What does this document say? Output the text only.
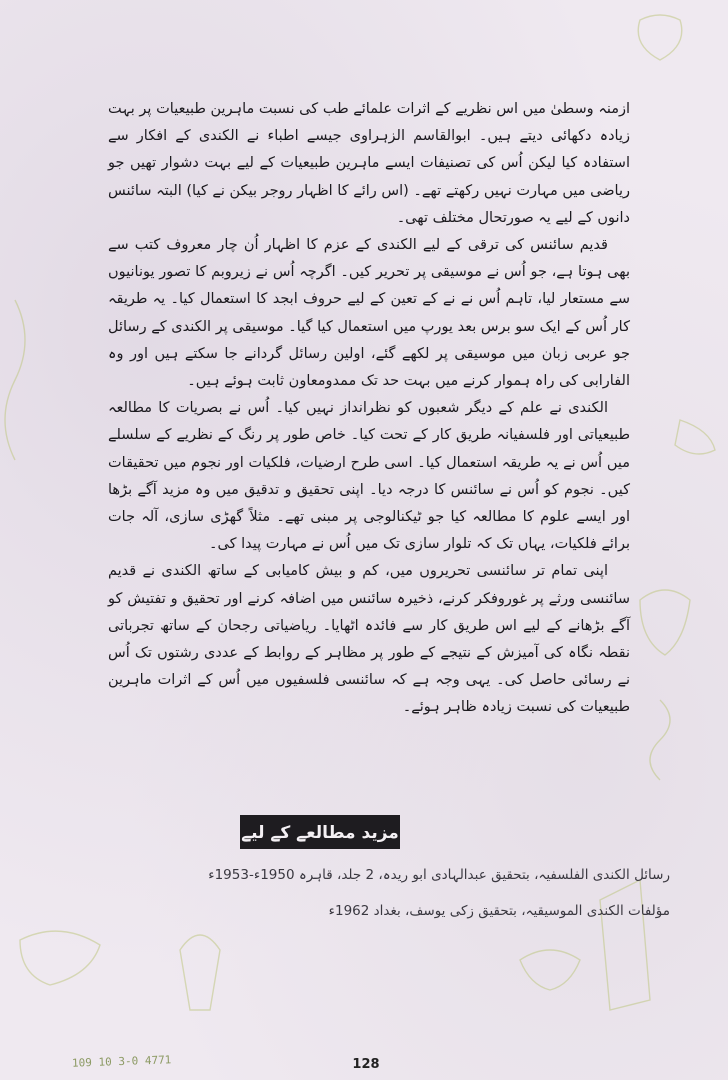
ازمنہ وسطیٰ میں اس نظریے کے اثرات علمائے طب کی نسبت ماہرین طبیعیات پر بہت زیادہ دکھائی دیتے ہیں۔ ابوالقاسم الزہراوی جیسے اطباء نے الکندی کے افکار سے استفادہ کیا لیکن اُس کی تصنیفات ایسے ماہرین طبیعیات کے لیے بہت دشوار تھیں جو ریاضی میں مہارت نہیں رکھتے تھے۔ (اس رائے کا اظہار روجر بیکن نے کیا) البتہ سائنس دانوں کے لیے یہ صورتحال مختلف تھی۔

قدیم سائنس کی ترقی کے لیے الکندی کے عزم کا اظہار اُن چار معروف کتب سے بھی ہوتا ہے، جو اُس نے موسیقی پر تحریر کیں۔ اگرچہ اُس نے زیروبم کا تصور یونانیوں سے مستعار لیا، تاہم اُس نے نے کے تعین کے لیے حروف ابجد کا استعمال کیا۔ یہ طریقہ کار اُس کے ایک سو برس بعد یورپ میں استعمال کیا گیا۔ موسیقی پر الکندی کے رسائل جو عربی زبان میں موسیقی پر لکھے گئے، اولین رسائل گردانے جا سکتے ہیں اور وہ الفارابی کی راہ ہموار کرنے میں بہت حد تک ممدومعاون ثابت ہوئے ہیں۔

الکندی نے علم کے دیگر شعبوں کو نظرانداز نہیں کیا۔ اُس نے بصریات کا مطالعہ طبیعیاتی اور فلسفیانہ طریق کار کے تحت کیا۔ خاص طور پر رنگ کے نظریے کے سلسلے میں اُس نے یہ طریقہ استعمال کیا۔ اسی طرح ارضیات، فلکیات اور نجوم میں تحقیقات کیں۔ نجوم کو اُس نے سائنس کا درجہ دیا۔ اپنی تحقیق و تدقیق میں وہ مزید آگے بڑھا اور ایسے علوم کا مطالعہ کیا جو ٹیکنالوجی پر مبنی تھے۔ مثلاً گھڑی سازی، آلہ جات برائے فلکیات، یہاں تک کہ تلوار سازی تک میں اُس نے مہارت پیدا کی۔

اپنی تمام تر سائنسی تحریروں میں، کم و بیش کامیابی کے ساتھ الکندی نے قدیم سائنسی ورثے پر غوروفکر کرنے، ذخیرہ سائنس میں اضافہ کرنے اور تحقیق و تفتیش کو آگے بڑھانے کے لیے اس طریق کار سے فائدہ اٹھایا۔ ریاضیاتی رجحان کے ساتھ تجرباتی نقطہ نگاہ کی آمیزش کے نتیجے کے طور پر مظاہر کے روابط کے عددی رشتوں تک اُس نے رسائی حاصل کی۔ یہی وجہ ہے کہ سائنسی فلسفیوں میں اُس کے اثرات ماہرین طبیعیات کی نسبت زیادہ ظاہر ہوئے۔

مزید مطالعے کے لیے

رسائل الکندی الفلسفیہ، بتحقیق عبدالہادی ابو ریدہ، 2 جلد، قاہرہ 1950ء-1953ء

مؤلفات الکندی الموسیقیہ، بتحقیق زکی یوسف، بغداد 1962ء

109 10 3-0 4771	128
